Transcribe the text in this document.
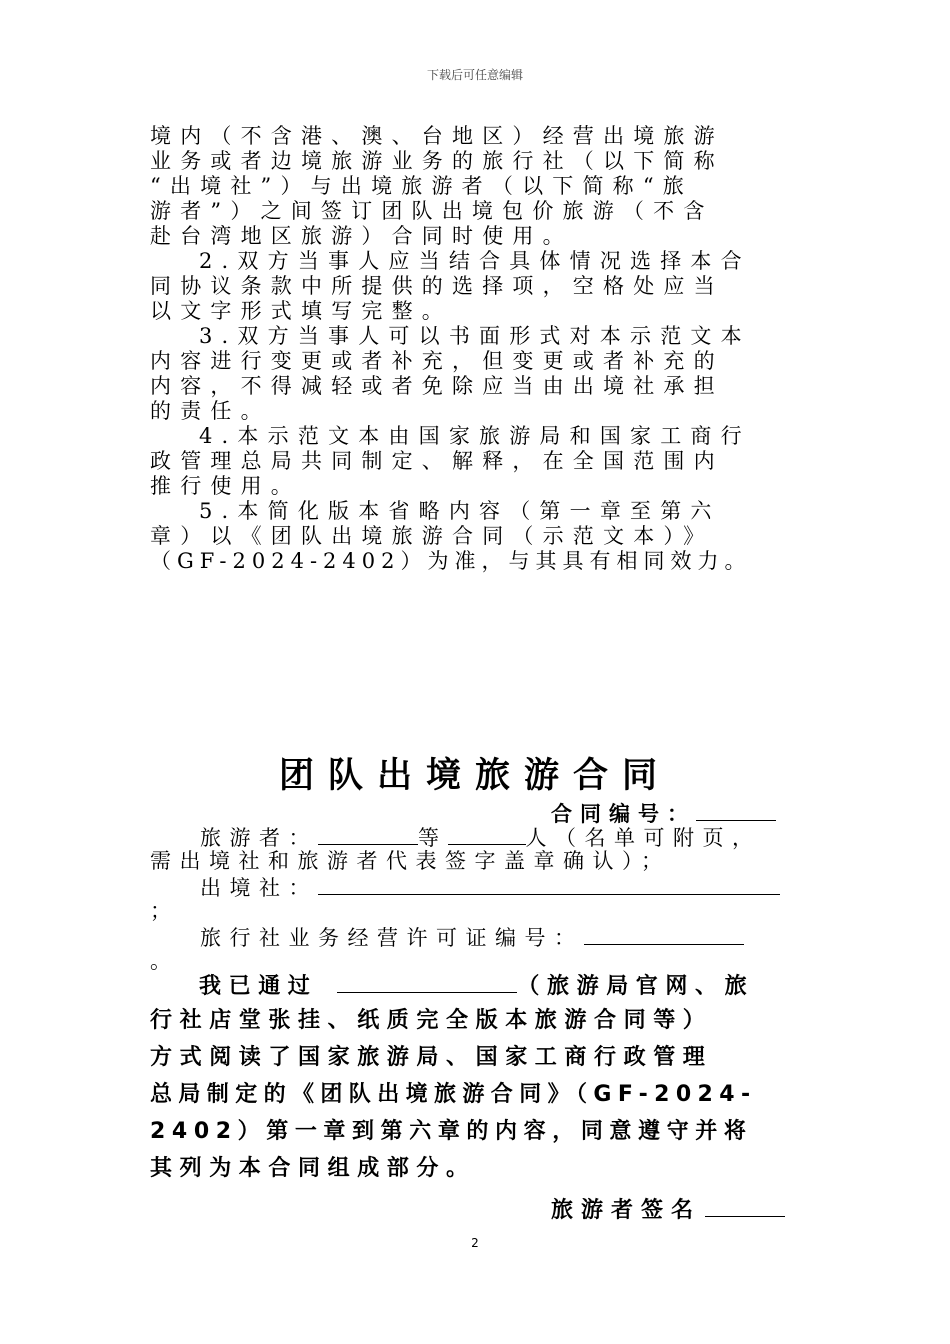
下载后可任意编辑
境内（不含港、澳、台地区）经营出境旅游
业务或者边境旅游业务的旅行社（以下简称
“出境社”）与出境旅游者（以下简称“旅
游者”）之间签订团队出境包价旅游（不含
赴台湾地区旅游）合同时使用。
2.双方当事人应当结合具体情况选择本合
同协议条款中所提供的选择项，空格处应当
以文字形式填写完整。
3.双方当事人可以书面形式对本示范文本
内容进行变更或者补充，但变更或者补充的
内容，不得减轻或者免除应当由出境社承担
的责任。
4.本示范文本由国家旅游局和国家工商行
政管理总局共同制定、解释，在全国范围内
推行使用。
5.本简化版本省略内容（第一章至第六
章）以《团队出境旅游合同（示范文本）》
（GF-2024-2402）为准，与其具有相同效力。
团队出境旅游合同
合同编号：
旅游者：	等	人（名单可附页，
需出境社和旅游者代表签字盖章确认）；
出境社：
；
旅行社业务经营许可证编号：
。
我已通过	（旅游局官网、旅
行社店堂张挂、纸质完全版本旅游合同等）
方式阅读了国家旅游局、国家工商行政管理
总局制定的《团队出境旅游合同》（GF-2024-
2402）第一章到第六章的内容，同意遵守并将
其列为本合同组成部分。
旅游者签名
2
